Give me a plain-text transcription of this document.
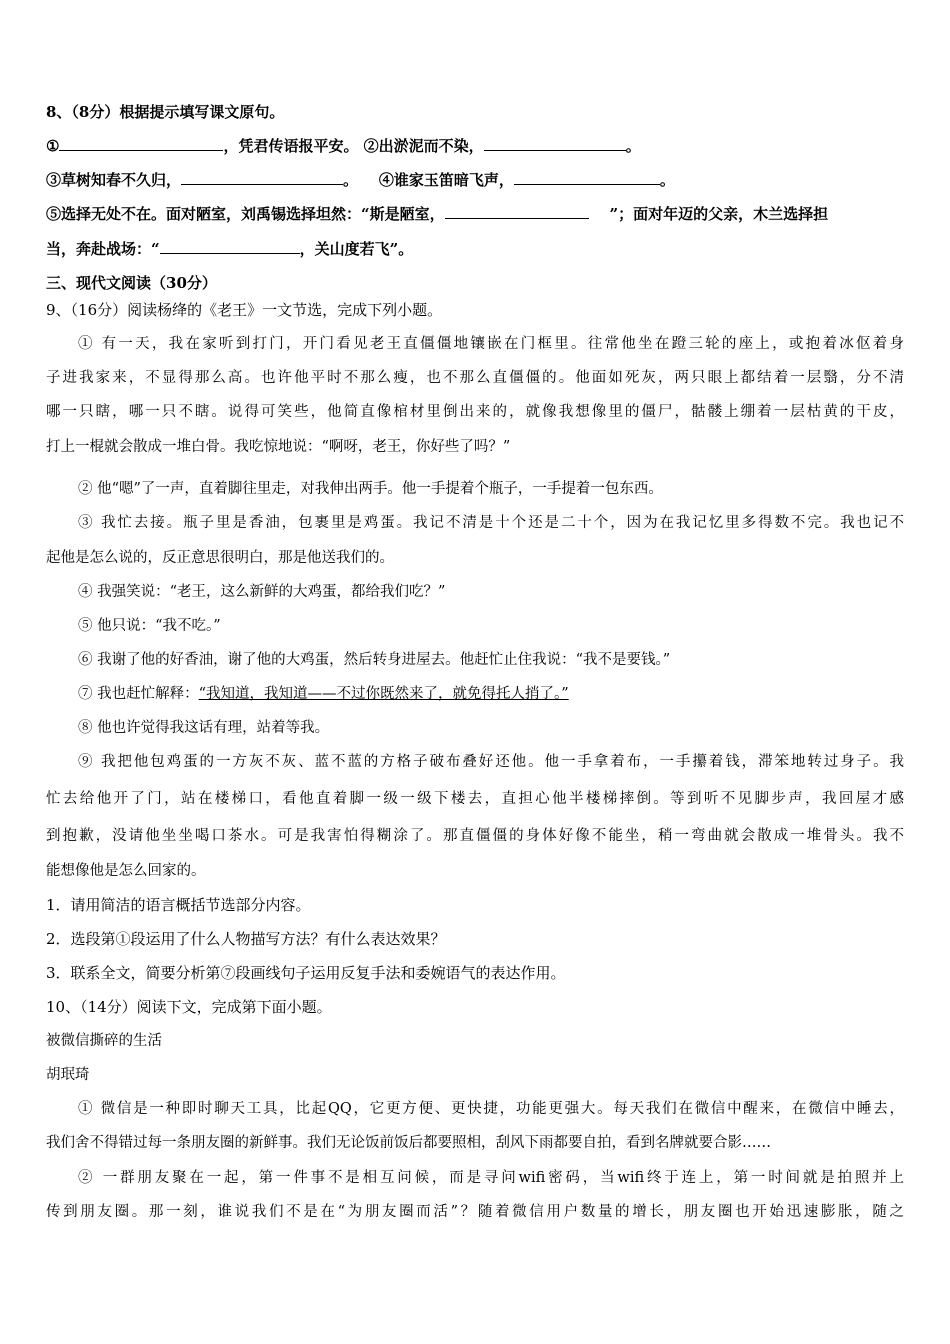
8、（8分）根据提示填写课文原句。
①	，凭君传语报平安。 ②出淤泥而不染，	。
③草树知春不久归，	。    ④谁家玉笛暗飞声，	。
⑤选择无处不在。面对陋室，刘禹锡选择坦然：“斯是陋室，	”；面对年迈的父亲，木兰选择担
当，奔赴战场：“	，关山度若飞”。
三、现代文阅读（30分）
9、（16分）阅读杨绛的《老王》一文节选，完成下列小题。
① 有一天，我在家听到打门，开门看见老王直僵僵地镶嵌在门框里。往常他坐在蹬三轮的座上，或抱着冰伛着身
子进我家来，不显得那么高。也许他平时不那么瘦，也不那么直僵僵的。他面如死灰，两只眼上都结着一层翳，分不清
哪一只瞎，哪一只不瞎。说得可笑些，他简直像棺材里倒出来的，就像我想像里的僵尸，骷髅上绷着一层枯黄的干皮，
打上一棍就会散成一堆白骨。我吃惊地说：“啊呀，老王，你好些了吗？”
② 他“嗯”了一声，直着脚往里走，对我伸出两手。他一手提着个瓶子，一手提着一包东西。
③ 我忙去接。瓶子里是香油，包裹里是鸡蛋。我记不清是十个还是二十个，因为在我记忆里多得数不完。我也记不
起他是怎么说的，反正意思很明白，那是他送我们的。
④ 我强笑说：“老王，这么新鲜的大鸡蛋，都给我们吃？”
⑤ 他只说：“我不吃。”
⑥ 我谢了他的好香油，谢了他的大鸡蛋，然后转身进屋去。他赶忙止住我说：“我不是要钱。”
⑦ 我也赶忙解释：“我知道，我知道——不过你既然来了，就免得托人捎了。”
⑧ 他也许觉得我这话有理，站着等我。
⑨ 我把他包鸡蛋的一方灰不灰、蓝不蓝的方格子破布叠好还他。他一手拿着布，一手攥着钱，滞笨地转过身子。我
忙去给他开了门，站在楼梯口，看他直着脚一级一级下楼去，直担心他半楼梯摔倒。等到听不见脚步声，我回屋才感
到抱歉，没请他坐坐喝口茶水。可是我害怕得糊涂了。那直僵僵的身体好像不能坐，稍一弯曲就会散成一堆骨头。我不
能想像他是怎么回家的。
1．请用简洁的语言概括节选部分内容。
2．选段第①段运用了什么人物描写方法？有什么表达效果？
3．联系全文，简要分析第⑦段画线句子运用反复手法和委婉语气的表达作用。
10、（14分）阅读下文，完成第下面小题。
被微信撕碎的生活
胡珉琦
① 微信是一种即时聊天工具，比起QQ，它更方便、更快捷，功能更强大。每天我们在微信中醒来，在微信中睡去，
我们舍不得错过每一条朋友圈的新鲜事。我们无论饭前饭后都要照相，刮风下雨都要自拍，看到名牌就要合影……
② 一群朋友聚在一起，第一件事不是相互问候，而是寻问wifi密码，当wifi终于连上，第一时间就是拍照并上
传到朋友圈。那一刻，谁说我们不是在“为朋友圈而活”？随着微信用户数量的增长，朋友圈也开始迅速膨胀，随之
